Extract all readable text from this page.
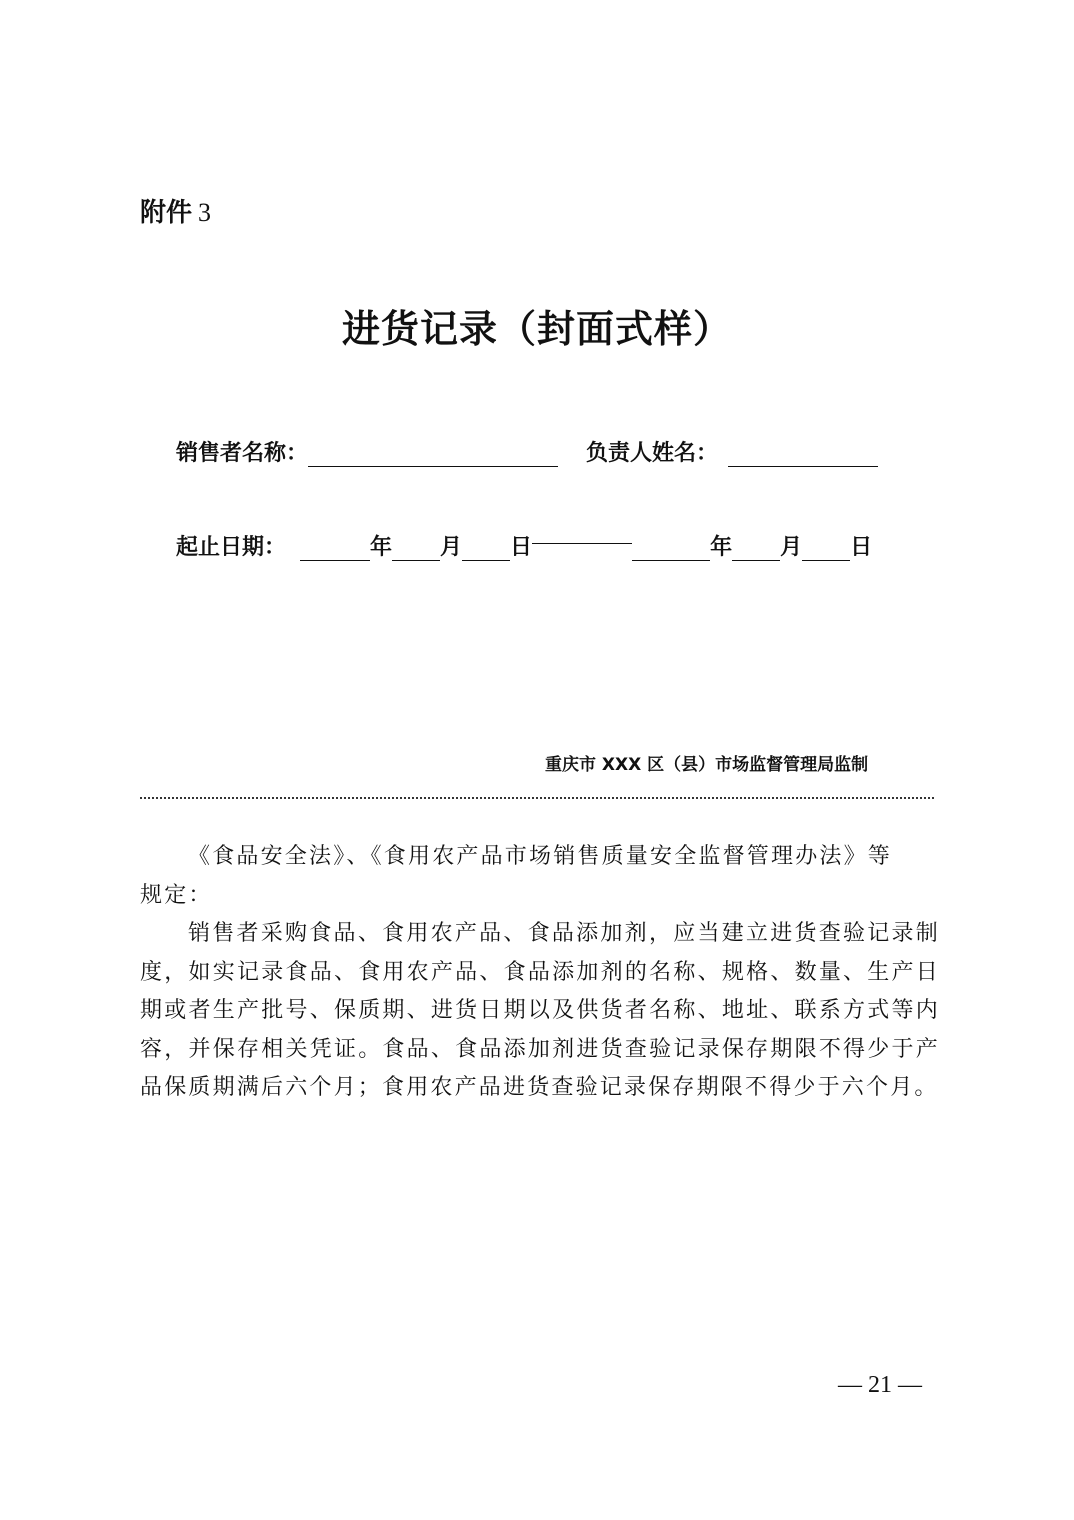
附件 3
进货记录（封面式样）
销售者名称：	负责人姓名：
起止日期：	年 月 日	年 月 日
重庆市 XXX 区（县）市场监督管理局监制

《食品安全法》、《食用农产品市场销售质量安全监督管理办法》等

规定：

销售者采购食品、食用农产品、食品添加剂，应当建立进货查验记录制度，如实记录食品、食用农产品、食品添加剂的名称、规格、数量、生产日期或者生产批号、保质期、进货日期以及供货者名称、地址、联系方式等内容，并保存相关凭证。食品、食品添加剂进货查验记录保存期限不得少于产品保质期满后六个月；食用农产品进货查验记录保存期限不得少于六个月。

— 21 —
